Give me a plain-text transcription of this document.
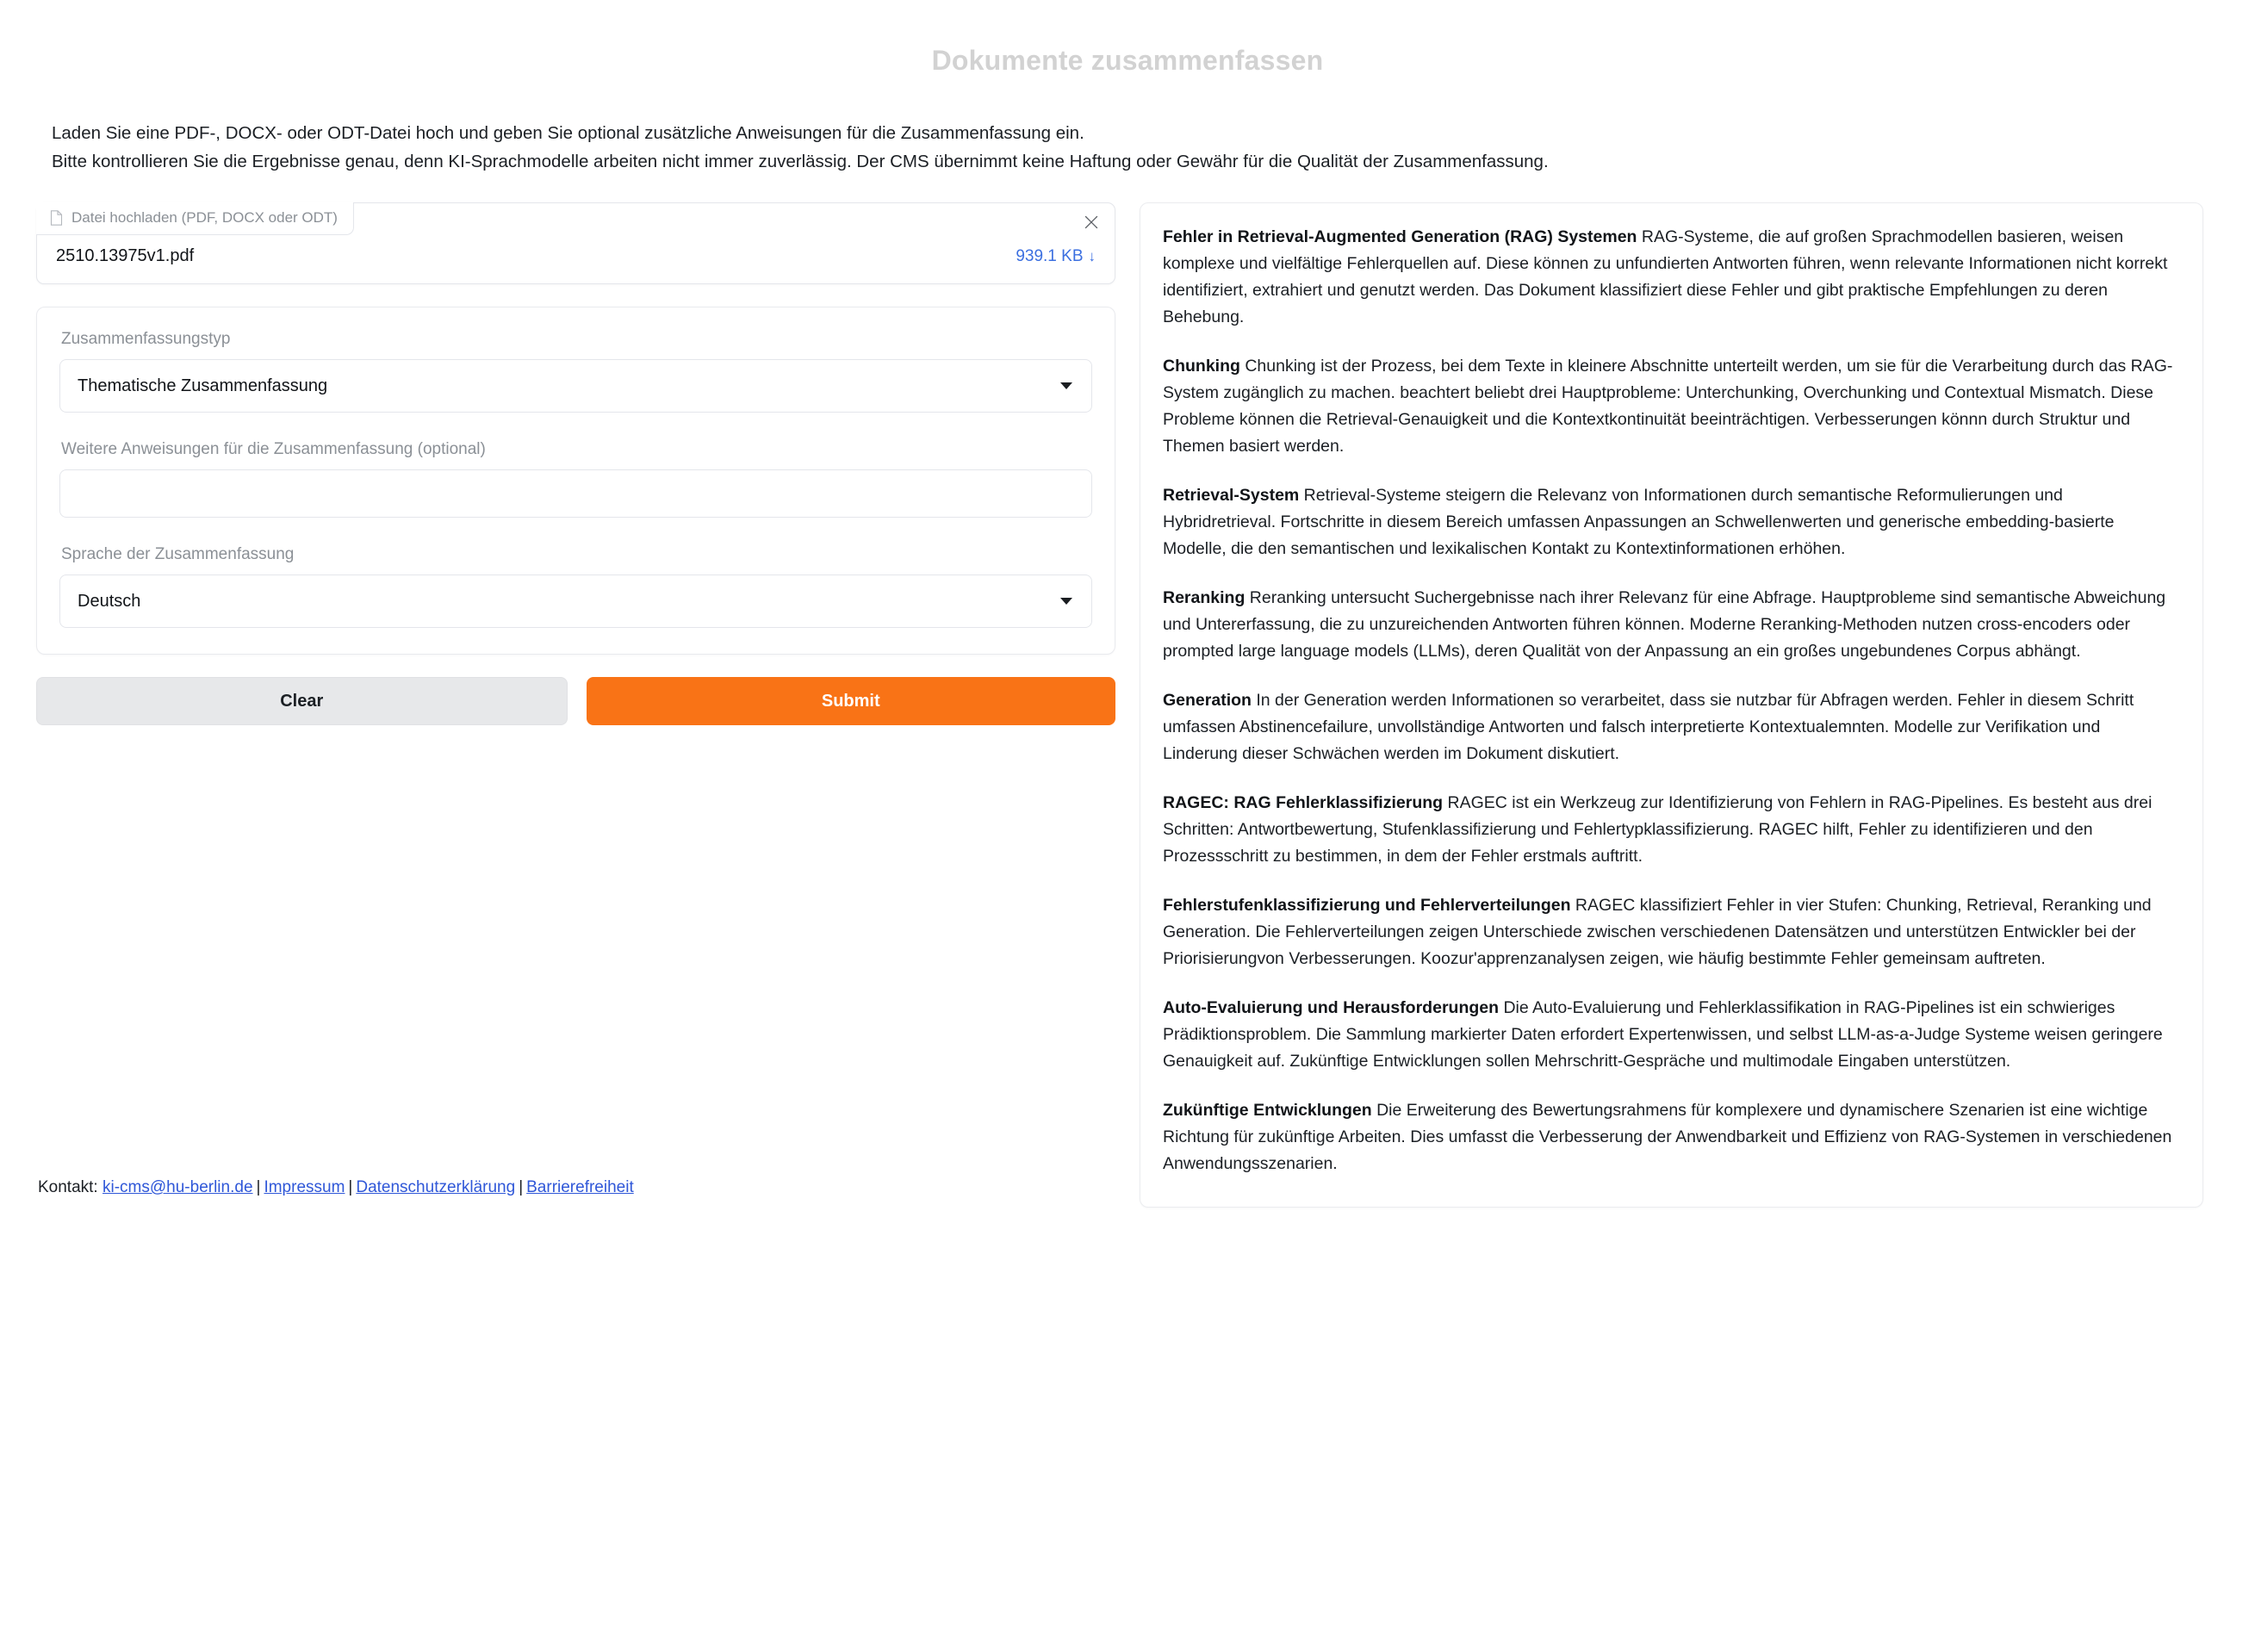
Dokumente zusammenfassen

Laden Sie eine PDF-, DOCX- oder ODT-Datei hoch und geben Sie optional zusätzliche Anweisungen für die Zusammenfassung ein.

Bitte kontrollieren Sie die Ergebnisse genau, denn KI-Sprachmodelle arbeiten nicht immer zuverlässig. Der CMS übernimmt keine Haftung oder Gewähr für die Qualität der Zusammenfassung.

Datei hochladen (PDF, DOCX oder ODT)
2510.13975v1.pdf	939.1 KB ↓
Zusammenfassungstyp
Thematische Zusammenfassung
Weitere Anweisungen für die Zusammenfassung (optional)
Sprache der Zusammenfassung
Deutsch
Clear	Submit

Fehler in Retrieval-Augmented Generation (RAG) Systemen RAG-Systeme, die auf großen Sprachmodellen basieren, weisen komplexe und vielfältige Fehlerquellen auf. Diese können zu unfundierten Antworten führen, wenn relevante Informationen nicht korrekt identifiziert, extrahiert und genutzt werden. Das Dokument klassifiziert diese Fehler und gibt praktische Empfehlungen zu deren Behebung.

Chunking Chunking ist der Prozess, bei dem Texte in kleinere Abschnitte unterteilt werden, um sie für die Verarbeitung durch das RAG-System zugänglich zu machen. beachtert beliebt drei Hauptprobleme: Unterchunking, Overchunking und Contextual Mismatch. Diese Probleme können die Retrieval-Genauigkeit und die Kontextkontinuität beeinträchtigen. Verbesserungen könnn durch Struktur und Themen basiert werden.

Retrieval-System Retrieval-Systeme steigern die Relevanz von Informationen durch semantische Reformulierungen und Hybridretrieval. Fortschritte in diesem Bereich umfassen Anpassungen an Schwellenwerten und generische embedding-basierte Modelle, die den semantischen und lexikalischen Kontakt zu Kontextinformationen erhöhen.

Reranking Reranking untersucht Suchergebnisse nach ihrer Relevanz für eine Abfrage. Hauptprobleme sind semantische Abweichung und Untererfassung, die zu unzureichenden Antworten führen können. Moderne Reranking-Methoden nutzen cross-encoders oder prompted large language models (LLMs), deren Qualität von der Anpassung an ein großes ungebundenes Corpus abhängt.

Generation In der Generation werden Informationen so verarbeitet, dass sie nutzbar für Abfragen werden. Fehler in diesem Schritt umfassen Abstinencefailure, unvollständige Antworten und falsch interpretierte Kontextualemnten. Modelle zur Verifikation und Linderung dieser Schwächen werden im Dokument diskutiert.

RAGEC: RAG Fehlerklassifizierung RAGEC ist ein Werkzeug zur Identifizierung von Fehlern in RAG-Pipelines. Es besteht aus drei Schritten: Antwortbewertung, Stufenklassifizierung und Fehlertypklassifizierung. RAGEC hilft, Fehler zu identifizieren und den Prozessschritt zu bestimmen, in dem der Fehler erstmals auftritt.

Fehlerstufenklassifizierung und Fehlerverteilungen RAGEC klassifiziert Fehler in vier Stufen: Chunking, Retrieval, Reranking und Generation. Die Fehlerverteilungen zeigen Unterschiede zwischen verschiedenen Datensätzen und unterstützen Entwickler bei der Priorisierungvon Verbesserungen. Koozur'apprenzanalysen zeigen, wie häufig bestimmte Fehler gemeinsam auftreten.

Auto-Evaluierung und Herausforderungen Die Auto-Evaluierung und Fehlerklassifikation in RAG-Pipelines ist ein schwieriges Prädiktionsproblem. Die Sammlung markierter Daten erfordert Expertenwissen, und selbst LLM-as-a-Judge Systeme weisen geringere Genauigkeit auf. Zukünftige Entwicklungen sollen Mehrschritt-Gespräche und multimodale Eingaben unterstützen.

Zukünftige Entwicklungen Die Erweiterung des Bewertungsrahmens für komplexere und dynamischere Szenarien ist eine wichtige Richtung für zukünftige Arbeiten. Dies umfasst die Verbesserung der Anwendbarkeit und Effizienz von RAG-Systemen in verschiedenen Anwendungsszenarien.

Kontakt: ki-cms@hu-berlin.de | Impressum | Datenschutzerklärung | Barrierefreiheit
